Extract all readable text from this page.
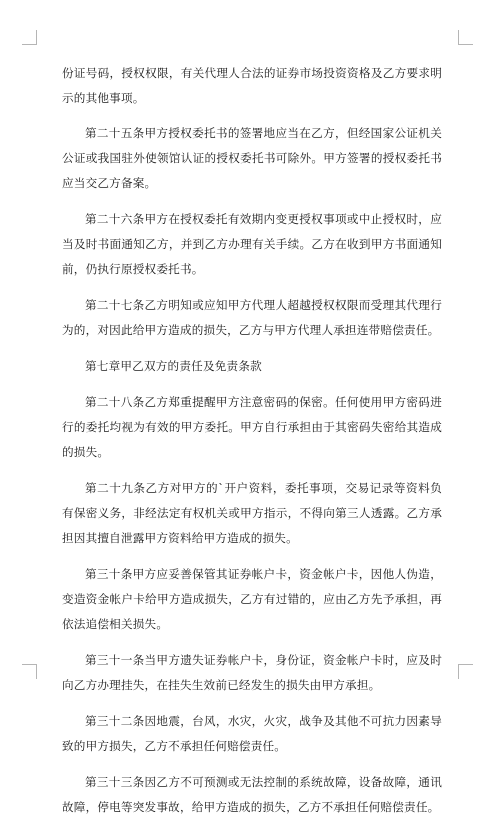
份证号码，授权权限，有关代理人合法的证券市场投资资格及乙方要求明示的其他事项。

第二十五条甲方授权委托书的签署地应当在乙方，但经国家公证机关公证或我国驻外使领馆认证的授权委托书可除外。甲方签署的授权委托书应当交乙方备案。

第二十六条甲方在授权委托有效期内变更授权事项或中止授权时，应当及时书面通知乙方，并到乙方办理有关手续。乙方在收到甲方书面通知前，仍执行原授权委托书。

第二十七条乙方明知或应知甲方代理人超越授权权限而受理其代理行为的，对因此给甲方造成的损失，乙方与甲方代理人承担连带赔偿责任。

第七章甲乙双方的责任及免责条款

第二十八条乙方郑重提醒甲方注意密码的保密。任何使用甲方密码进行的委托均视为有效的甲方委托。甲方自行承担由于其密码失密给其造成的损失。

第二十九条乙方对甲方的`开户资料，委托事项，交易记录等资料负有保密义务，非经法定有权机关或甲方指示，不得向第三人透露。乙方承担因其擅自泄露甲方资料给甲方造成的损失。

第三十条甲方应妥善保管其证券帐户卡，资金帐户卡，因他人伪造，变造资金帐户卡给甲方造成损失，乙方有过错的，应由乙方先予承担，再依法追偿相关损失。

第三十一条当甲方遗失证券帐户卡，身份证，资金帐户卡时，应及时向乙方办理挂失，在挂失生效前已经发生的损失由甲方承担。

第三十二条因地震，台风，水灾，火灾，战争及其他不可抗力因素导致的甲方损失，乙方不承担任何赔偿责任。

第三十三条因乙方不可预测或无法控制的系统故障，设备故障，通讯故障，停电等突发事故，给甲方造成的损失，乙方不承担任何赔偿责任。
